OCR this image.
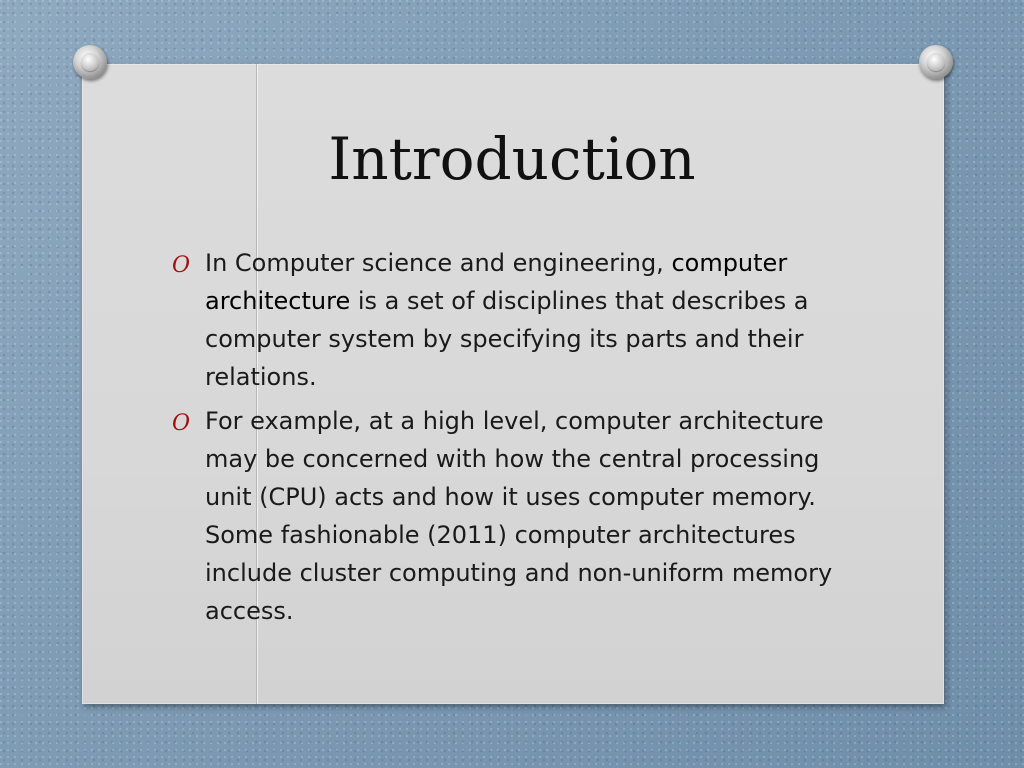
Introduction
O In Computer science and engineering, computer architecture is a set of disciplines that describes a computer system by specifying its parts and their relations.
O For example, at a high level, computer architecture may be concerned with how the central processing unit (CPU) acts and how it uses computer memory. Some fashionable (2011) computer architectures include cluster computing and non-uniform memory access.
